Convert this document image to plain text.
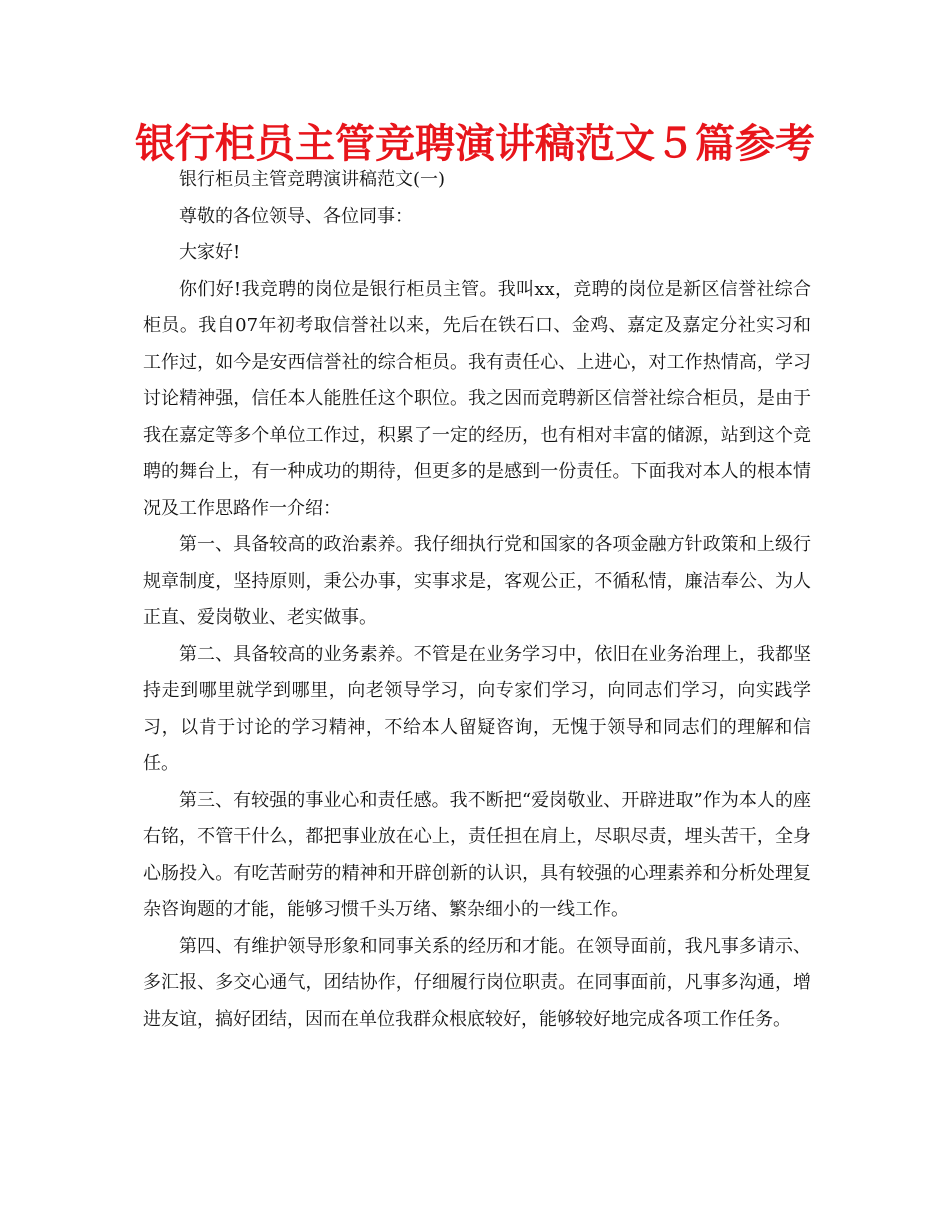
银行柜员主管竞聘演讲稿范文５篇参考

银行柜员主管竞聘演讲稿范文(一)

尊敬的各位领导、各位同事：

大家好!

你们好!我竞聘的岗位是银行柜员主管。我叫xx，竞聘的岗位是新区信誉社综合柜员。我自07年初考取信誉社以来，先后在铁石口、金鸡、嘉定及嘉定分社实习和工作过，如今是安西信誉社的综合柜员。我有责任心、上进心，对工作热情高，学习讨论精神强，信任本人能胜任这个职位。我之因而竞聘新区信誉社综合柜员，是由于我在嘉定等多个单位工作过，积累了一定的经历，也有相对丰富的储源，站到这个竞聘的舞台上，有一种成功的期待，但更多的是感到一份责任。下面我对本人的根本情况及工作思路作一介绍：

第一、具备较高的政治素养。我仔细执行党和国家的各项金融方针政策和上级行规章制度，坚持原则，秉公办事，实事求是，客观公正，不循私情，廉洁奉公、为人正直、爱岗敬业、老实做事。

第二、具备较高的业务素养。不管是在业务学习中，依旧在业务治理上，我都坚持走到哪里就学到哪里，向老领导学习，向专家们学习，向同志们学习，向实践学习，以肯于讨论的学习精神，不给本人留疑咨询，无愧于领导和同志们的理解和信任。

第三、有较强的事业心和责任感。我不断把“爱岗敬业、开辟进取”作为本人的座右铭，不管干什么，都把事业放在心上，责任担在肩上，尽职尽责，埋头苦干，全身心肠投入。有吃苦耐劳的精神和开辟创新的认识，具有较强的心理素养和分析处理复杂咨询题的才能，能够习惯千头万绪、繁杂细小的一线工作。

第四、有维护领导形象和同事关系的经历和才能。在领导面前，我凡事多请示、多汇报、多交心通气，团结协作，仔细履行岗位职责。在同事面前，凡事多沟通，增进友谊，搞好团结，因而在单位我群众根底较好，能够较好地完成各项工作任务。
